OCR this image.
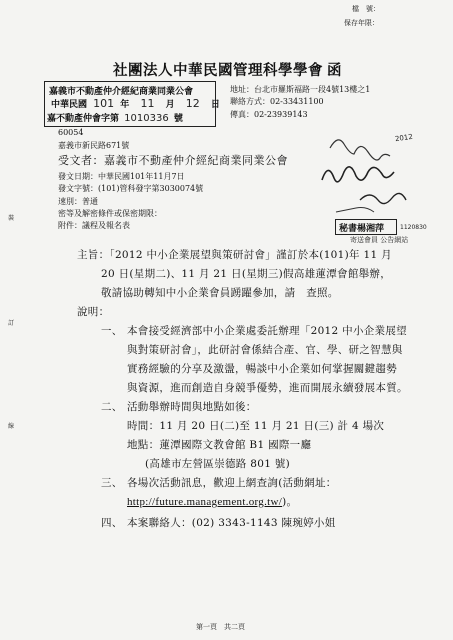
檔　號：
保存年限：
社團法人中華民國管理科學學會 函
嘉義市不動產仲介經紀商業同業公會
中華民國 101 年 11 月 12 日
嘉不動產仲會字第 1010336 號
地址：台北市羅斯福路一段4號13樓之1
聯絡方式：02-33431100
傳真：02-23939143
60054
嘉義市新民路671號
受文者：嘉義市不動產仲介經紀商業同業公會
發文日期：中華民國101年11月7日
發文字號：(101)管科發字第3030074號
速別：普通
密等及解密條件或保密期限：
附件：議程及報名表
裝
訂
線
2012
秘書楊湘萍	1120830
寄送會員 公告網站
主旨：「2012 中小企業展望與策研討會」謹訂於本(101)年 11 月
20 日(星期二)、11 月 21 日(星期三)假高雄蓮潭會館舉辦，
敬請協助轉知中小企業會員踴躍參加，請　查照。
說明：
一、 本會接受經濟部中小企業處委託辦理「2012 中小企業展望
與對策研討會」，此研討會係結合產、官、學、研之智慧與
實務經驗的分享及激盪，暢談中小企業如何掌握關鍵趨勢
與資源，進而創造自身競爭優勢，進而開展永續發展本質。
二、 活動舉辦時間與地點如後：
時間：11 月 20 日(二)至 11 月 21 日(三) 計 4 場次
地點：蓮潭國際文教會館 B1 國際一廳
(高雄市左營區崇德路 801 號)
三、 各場次活動訊息，歡迎上網查詢(活動網址：
http://future.management.org.tw/)。
四、 本案聯絡人：(02) 3343-1143 陳琬婷小姐
第一頁　共二頁
